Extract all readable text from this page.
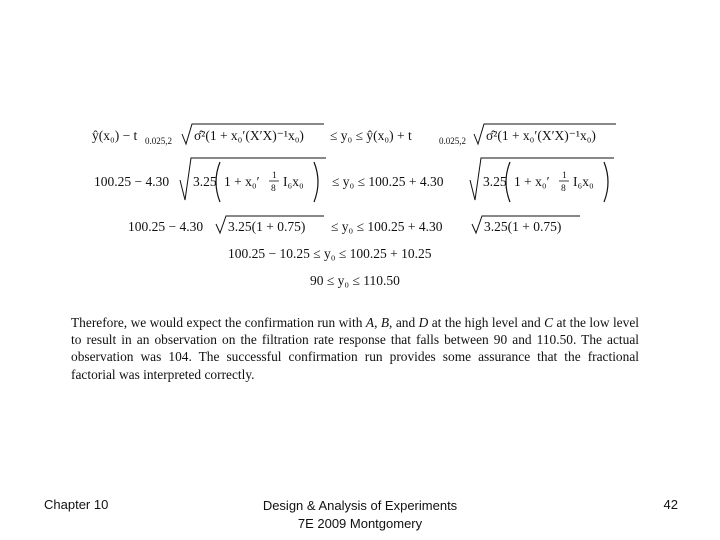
ŷ(x₀) − t 0.025,2 σ̂²(1 + x₀′(X′X)⁻¹x₀) ≤ y₀ ≤ ŷ(x₀) + t	0.025,2 σ̂²(1 + x₀′(X′X)⁻¹x₀)
100.25 − 4.30 3.25 1 + x₀′ 1
8 I₆x₀ ≤ y₀ ≤ 100.25 + 4.30	3.25 1 + x₀′ 1
8 I₆x₀
100.25 − 4.30 3.25(1 + 0.75) ≤ y₀ ≤ 100.25 + 4.30	3.25(1 + 0.75)
100.25 − 10.25 ≤ y₀ ≤ 100.25 + 10.25
90 ≤ y₀ ≤ 110.50

Therefore, we would expect the confirmation run with A, B, and D at the high level and C at the low level to result in an observation on the filtration rate response that falls between 90 and 110.50. The actual observation was 104. The successful confirmation run provides some assurance that the fractional factorial was interpreted correctly.

Chapter 10	Design & Analysis of Experiments
7E 2009 Montgomery
42
